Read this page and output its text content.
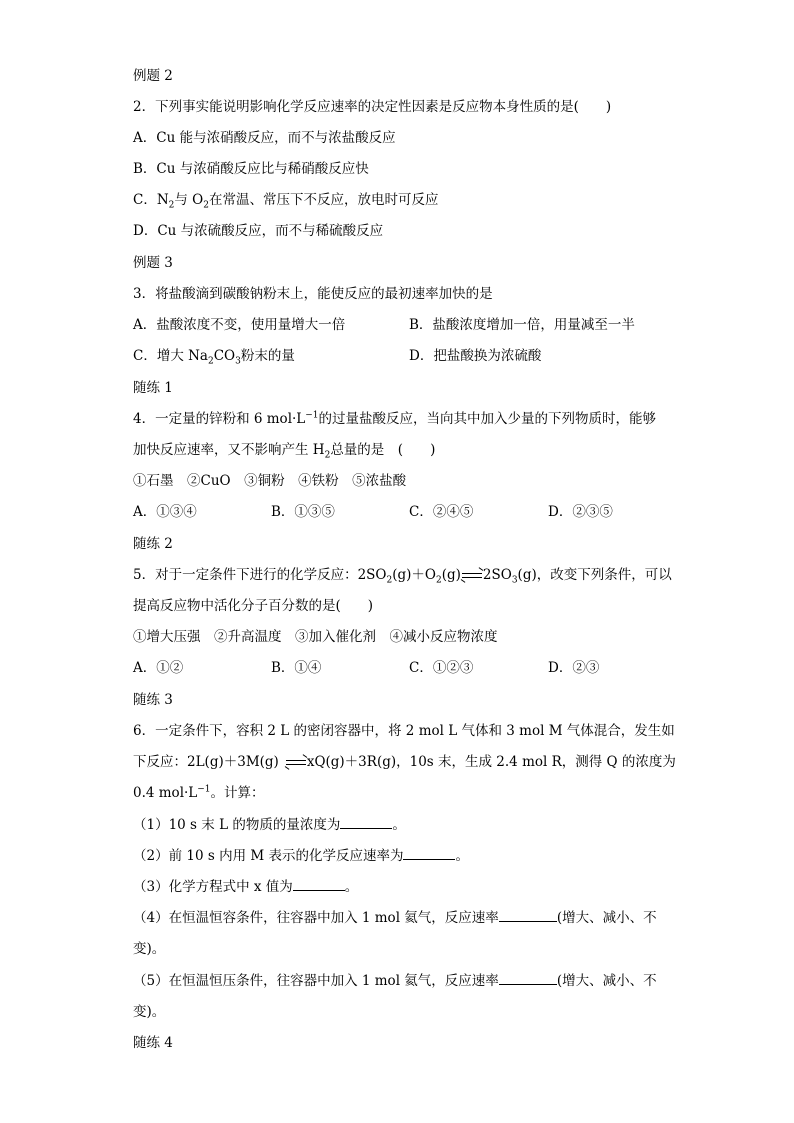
例题 2
2．下列事实能说明影响化学反应速率的决定性因素是反应物本身性质的是(　　)
A．Cu 能与浓硝酸反应，而不与浓盐酸反应
B．Cu 与浓硝酸反应比与稀硝酸反应快
C．$N_2$与 $O_2$在常温、常压下不反应，放电时可反应
D．Cu 与浓硫酸反应，而不与稀硫酸反应
例题 3
3．将盐酸滴到碳酸钠粉末上，能使反应的最初速率加快的是
A．盐酸浓度不变，使用量增大一倍	B．盐酸浓度增加一倍，用量减至一半
C．增大 $Na_2CO_3$粉末的量	D．把盐酸换为浓硫酸
随练 1
4．一定量的锌粉和 6 $mol\cdot L^{-1}$的过量盐酸反应，当向其中加入少量的下列物质时，能够
加快反应速率，又不影响产生 $H_2$总量的是　(　　)
①石墨　②CuO　③铜粉　④铁粉　⑤浓盐酸
A．①③④	B．①③⑤	C．②④⑤	D．②③⑤
随练 2
5．对于一定条件下进行的化学反应：$2SO_2(g)+O_2(g)$ $2SO_3(g)$，改变下列条件，可以
提高反应物中活化分子百分数的是(　　)
①增大压强　②升高温度　③加入催化剂　④减小反应物浓度
A．①②	B．①④	C．①②③	D．②③
随练 3
6．一定条件下，容积 2 L 的密闭容器中，将 2 mol L 气体和 3 mol M 气体混合，发生如
下反应：2L(g)＋3M(g) xQ(g)＋3R(g)，10s 末，生成 2.4 mol R，测得 Q 的浓度为
0.4 $mol\cdot L^{-1}$。计算：
（1）10 s 末 L 的物质的量浓度为	。
（2）前 10 s 内用 M 表示的化学反应速率为	。
（3）化学方程式中 x 值为	。
（4）在恒温恒容条件，往容器中加入 1 mol 氦气，反应速率	(增大、减小、不
变)。
（5）在恒温恒压条件，往容器中加入 1 mol 氦气，反应速率	(增大、减小、不
变)。
随练 4
